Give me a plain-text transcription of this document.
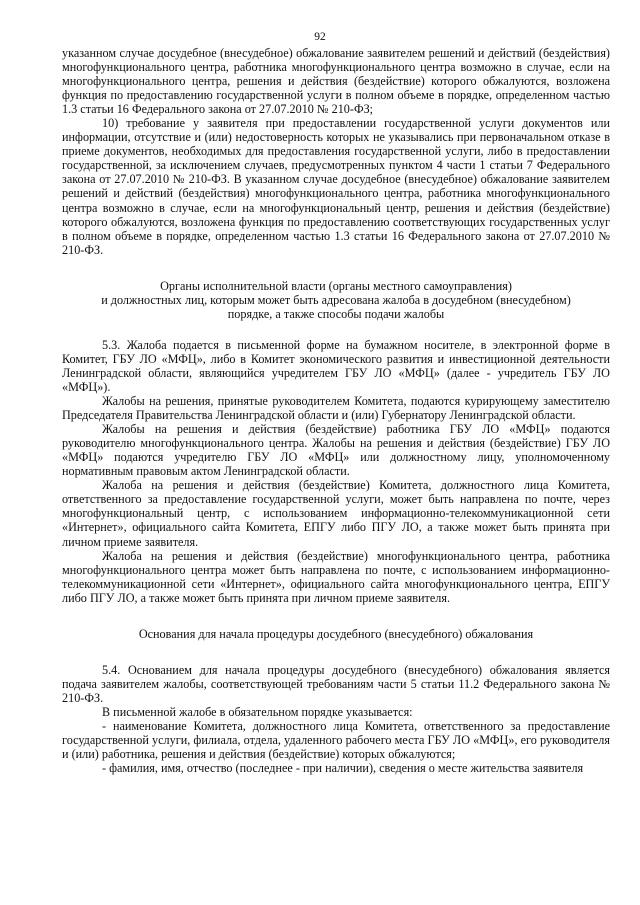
92

указанном случае досудебное (внесудебное) обжалование заявителем решений и действий (бездействия) многофункционального центра, работника многофункционального центра возможно в случае, если на многофункционального центра, решения и действия (бездействие) которого обжалуются, возложена функция по предоставлению государственной услуги в полном объеме в порядке, определенном частью 1.3 статьи 16 Федерального закона от 27.07.2010 № 210-ФЗ;

10) требование у заявителя при предоставлении государственной услуги документов или информации, отсутствие и (или) недостоверность которых не указывались при первоначальном отказе в приеме документов, необходимых для предоставления государственной услуги, либо в предоставлении государственной, за исключением случаев, предусмотренных пунктом 4 части 1 статьи 7 Федерального закона от 27.07.2010 № 210-ФЗ. В указанном случае досудебное (внесудебное) обжалование заявителем решений и действий (бездействия) многофункционального центра, работника многофункционального центра возможно в случае, если на многофункциональный центр, решения и действия (бездействие) которого обжалуются, возложена функция по предоставлению соответствующих государственных услуг в полном объеме в порядке, определенном частью 1.3 статьи 16 Федерального закона от 27.07.2010 № 210-ФЗ.

Органы исполнительной власти (органы местного самоуправления)

и должностных лиц, которым может быть адресована жалоба в досудебном (внесудебном)

порядке, а также способы подачи жалобы

5.3. Жалоба подается в письменной форме на бумажном носителе, в электронной форме в Комитет, ГБУ ЛО «МФЦ», либо в Комитет экономического развития и инвестиционной деятельности Ленинградской области, являющийся учредителем ГБУ ЛО «МФЦ» (далее - учредитель ГБУ ЛО «МФЦ»).

Жалобы на решения, принятые руководителем Комитета, подаются курирующему заместителю Председателя Правительства Ленинградской области и (или) Губернатору Ленинградской области.

Жалобы на решения и действия (бездействие) работника ГБУ ЛО «МФЦ» подаются руководителю многофункционального центра. Жалобы на решения и действия (бездействие) ГБУ ЛО «МФЦ» подаются учредителю ГБУ ЛО «МФЦ» или должностному лицу, уполномоченному нормативным правовым актом Ленинградской области.

Жалоба на решения и действия (бездействие) Комитета, должностного лица Комитета, ответственного за предоставление государственной услуги, может быть направлена по почте, через многофункциональный центр, с использованием информационно-телекоммуникационной сети «Интернет», официального сайта Комитета, ЕПГУ либо ПГУ ЛО, а также может быть принята при личном приеме заявителя.

Жалоба на решения и действия (бездействие) многофункционального центра, работника многофункционального центра может быть направлена по почте, с использованием информационно-телекоммуникационной сети «Интернет», официального сайта многофункционального центра, ЕПГУ либо ПГУ ЛО, а также может быть принята при личном приеме заявителя.

Основания для начала процедуры досудебного (внесудебного) обжалования

5.4. Основанием для начала процедуры досудебного (внесудебного) обжалования является подача заявителем жалобы, соответствующей требованиям части 5 статьи 11.2 Федерального закона № 210-ФЗ.

В письменной жалобе в обязательном порядке указывается:

- наименование Комитета, должностного лица Комитета, ответственного за предоставление государственной услуги, филиала, отдела, удаленного рабочего места ГБУ ЛО «МФЦ», его руководителя и (или) работника, решения и действия (бездействие) которых обжалуются;

- фамилия, имя, отчество (последнее - при наличии), сведения о месте жительства заявителя
